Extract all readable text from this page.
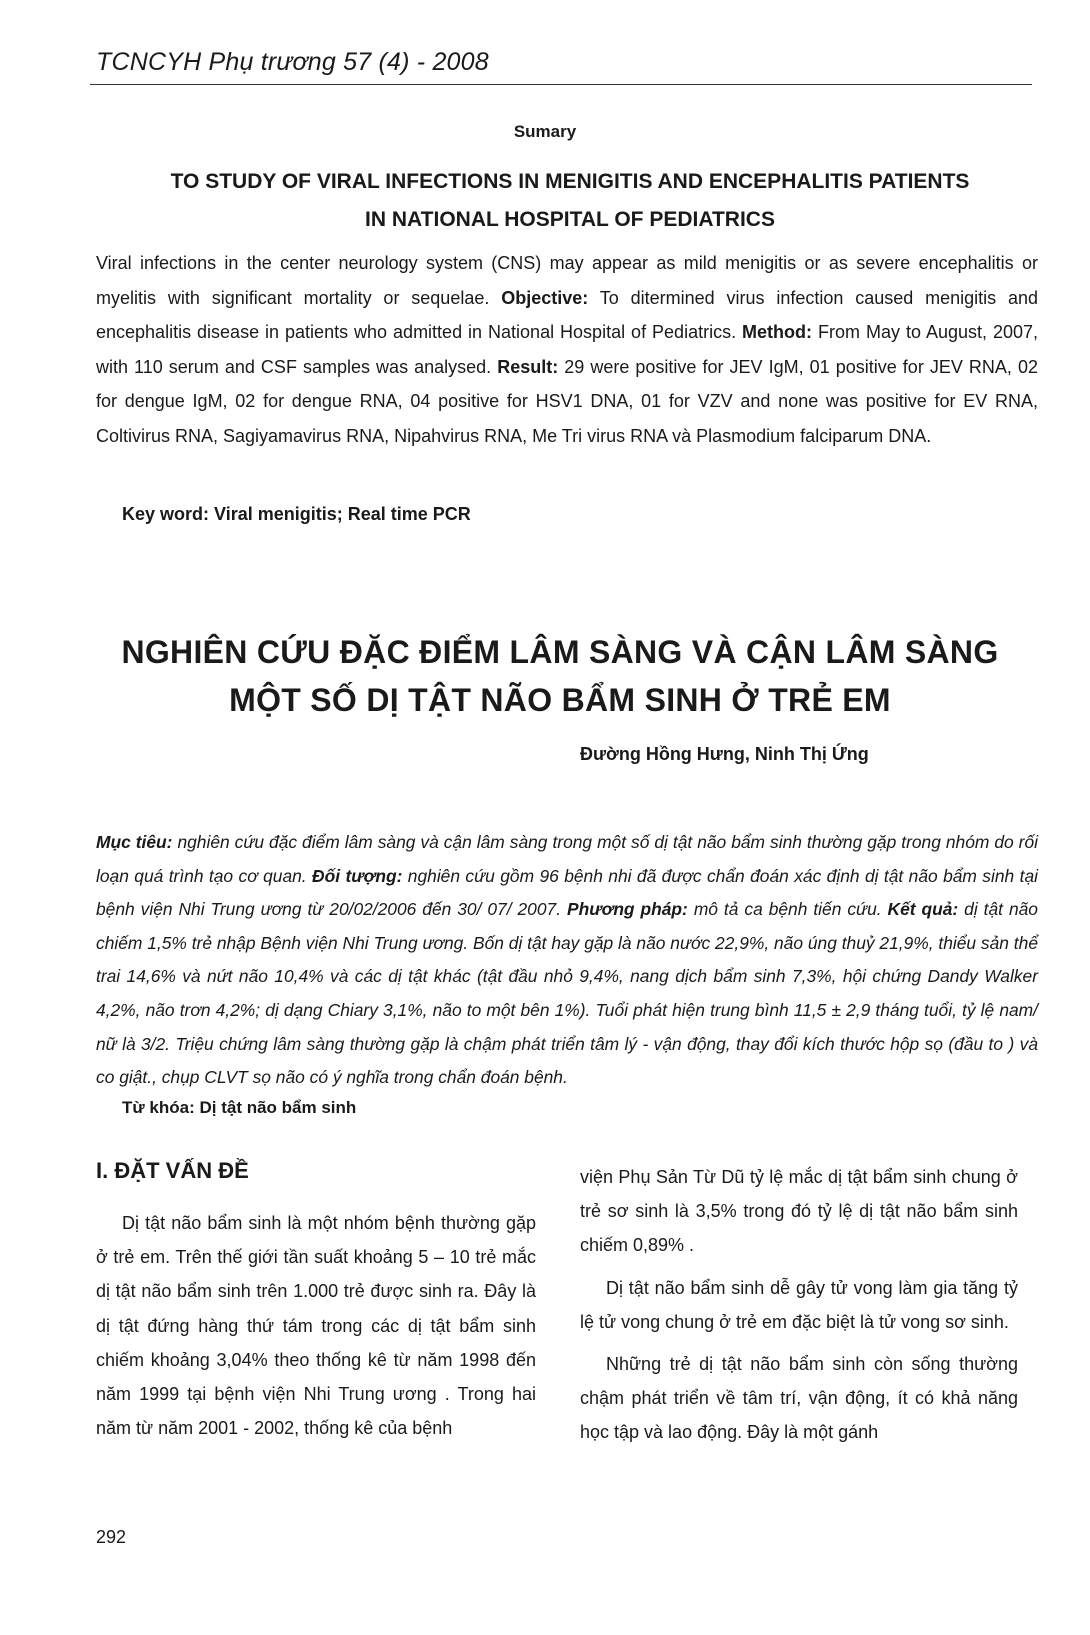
TCNCYH Phụ trương 57 (4) - 2008
Sumary
TO STUDY OF VIRAL INFECTIONS IN MENIGITIS AND ENCEPHALITIS PATIENTS
IN NATIONAL HOSPITAL OF PEDIATRICS
Viral infections in the center neurology system (CNS) may appear as mild menigitis or as severe encephalitis or myelitis with significant mortality or sequelae. Objective: To ditermined virus infection caused menigitis and encephalitis disease in patients who admitted in National Hospital of Pediatrics. Method: From May to August, 2007, with 110 serum and CSF samples was analysed. Result: 29 were positive for JEV IgM, 01 positive for JEV RNA, 02 for dengue IgM, 02 for dengue RNA, 04 positive for HSV1 DNA, 01 for VZV and none was positive for EV RNA, Coltivirus RNA, Sagiyamavirus RNA, Nipahvirus RNA, Me Tri virus RNA và Plasmodium falciparum DNA.
Key word: Viral menigitis; Real time PCR
NGHIÊN CỨU ĐẶC ĐIỂM LÂM SÀNG VÀ CẬN LÂM SÀNG
MỘT SỐ DỊ TẬT NÃO BẨM SINH Ở TRẺ EM
Đường Hồng Hưng, Ninh Thị Ứng
Mục tiêu: nghiên cứu đặc điểm lâm sàng và cận lâm sàng trong một số dị tật não bẩm sinh thường gặp trong nhóm do rối loạn quá trình tạo cơ quan. Đối tượng: nghiên cứu gồm 96 bệnh nhi đã được chẩn đoán xác định dị tật não bẩm sinh tại bệnh viện Nhi Trung ương từ 20/02/2006 đến 30/ 07/ 2007. Phương pháp: mô tả ca bệnh tiến cứu. Kết quả: dị tật não chiếm 1,5% trẻ nhập Bệnh viện Nhi Trung ương. Bốn dị tật hay gặp là não nước 22,9%, não úng thuỷ 21,9%, thiểu sản thể trai 14,6% và nứt não 10,4% và các dị tật khác (tật đầu nhỏ 9,4%, nang dịch bẩm sinh 7,3%, hội chứng Dandy Walker 4,2%, não trơn 4,2%; dị dạng Chiary 3,1%, não to một bên 1%). Tuổi phát hiện trung bình 11,5 ± 2,9 tháng tuổi, tỷ lệ nam/ nữ là 3/2. Triệu chứng lâm sàng thường gặp là chậm phát triển tâm lý - vận động, thay đổi kích thước hộp sọ (đầu to ) và co giật., chụp CLVT sọ não có ý nghĩa trong chẩn đoán bệnh.
Từ khóa: Dị tật não bẩm sinh
I. ĐẶT VẤN ĐỀ

Dị tật não bẩm sinh là một nhóm bệnh thường gặp ở trẻ em. Trên thế giới tần suất khoảng 5 – 10 trẻ mắc dị tật não bẩm sinh trên 1.000 trẻ được sinh ra. Đây là dị tật đứng hàng thứ tám trong các dị tật bẩm sinh chiếm khoảng 3,04% theo thống kê từ năm 1998 đến năm 1999 tại bệnh viện Nhi Trung ương . Trong hai năm từ năm 2001 - 2002, thống kê của bệnh

viện Phụ Sản Từ Dũ tỷ lệ mắc dị tật bẩm sinh chung ở trẻ sơ sinh là 3,5% trong đó tỷ lệ dị tật não bẩm sinh chiếm 0,89% .

Dị tật não bẩm sinh dễ gây tử vong làm gia tăng tỷ lệ tử vong chung ở trẻ em đặc biệt là tử vong sơ sinh.

Những trẻ dị tật não bẩm sinh còn sống thường chậm phát triển về tâm trí, vận động, ít có khả năng học tập và lao động. Đây là một gánh

292
